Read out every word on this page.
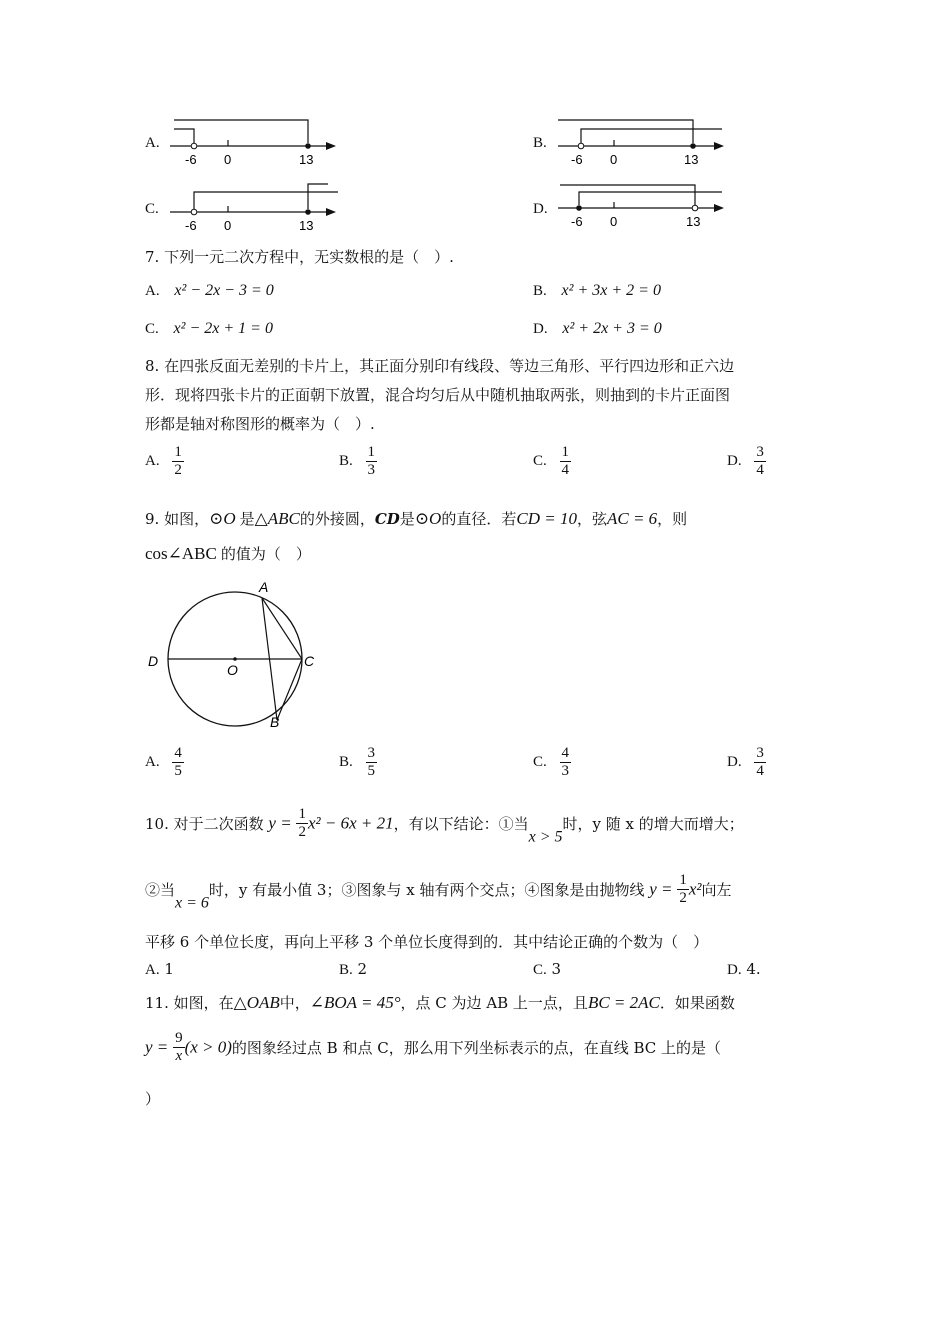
A.
-6 0	13
B.
-6 0	13
C.
-6 0	13
D.
-6 0	13
7. 下列一元二次方程中，无实数根的是（　）.
A. x² − 2x − 3 = 0	B. x² + 3x + 2 = 0
C. x² − 2x + 1 = 0	D. x² + 2x + 3 = 0
8. 在四张反面无差别的卡片上，其正面分别印有线段、等边三角形、平行四边形和正六边
形．现将四张卡片的正面朝下放置，混合均匀后从中随机抽取两张，则抽到的卡片正面图
形都是轴对称图形的概率为（　）.
A. $\frac{1}{2}$	B. $\frac{1}{3}$	C. $\frac{1}{4}$	D. $\frac{3}{4}$
9. 如图，⊙O 是△ABC的外接圆，CD是⊙O的直径．若CD = 10，弦AC = 6，则
cos∠ABC 的值为（　）
A
B
C
D
O
A. $\frac{4}{5}$	B. $\frac{3}{5}$	C. $\frac{4}{3}$	D. $\frac{3}{4}$
10. 对于二次函数 $y = \frac{1}{2} x^2 - 6x + 21$，有以下结论：①当x > 5时，y 随 x 的增大而增大；
②当x = 6时，y 有最小值 3；③图象与 x 轴有两个交点；④图象是由抛物线 $y = \frac{1}{2} x^2$向左
平移 6 个单位长度，再向上平移 3 个单位长度得到的．其中结论正确的个数为（　）
A. 1	B. 2	C. 3	D. 4.
11. 如图，在△OAB中，∠BOA = 45°，点 C 为边 AB 上一点，且BC = 2AC．如果函数
$y = \frac{9}{x} (x > 0)$的图象经过点 B 和点 C，那么用下列坐标表示的点，在直线 BC 上的是（
）
